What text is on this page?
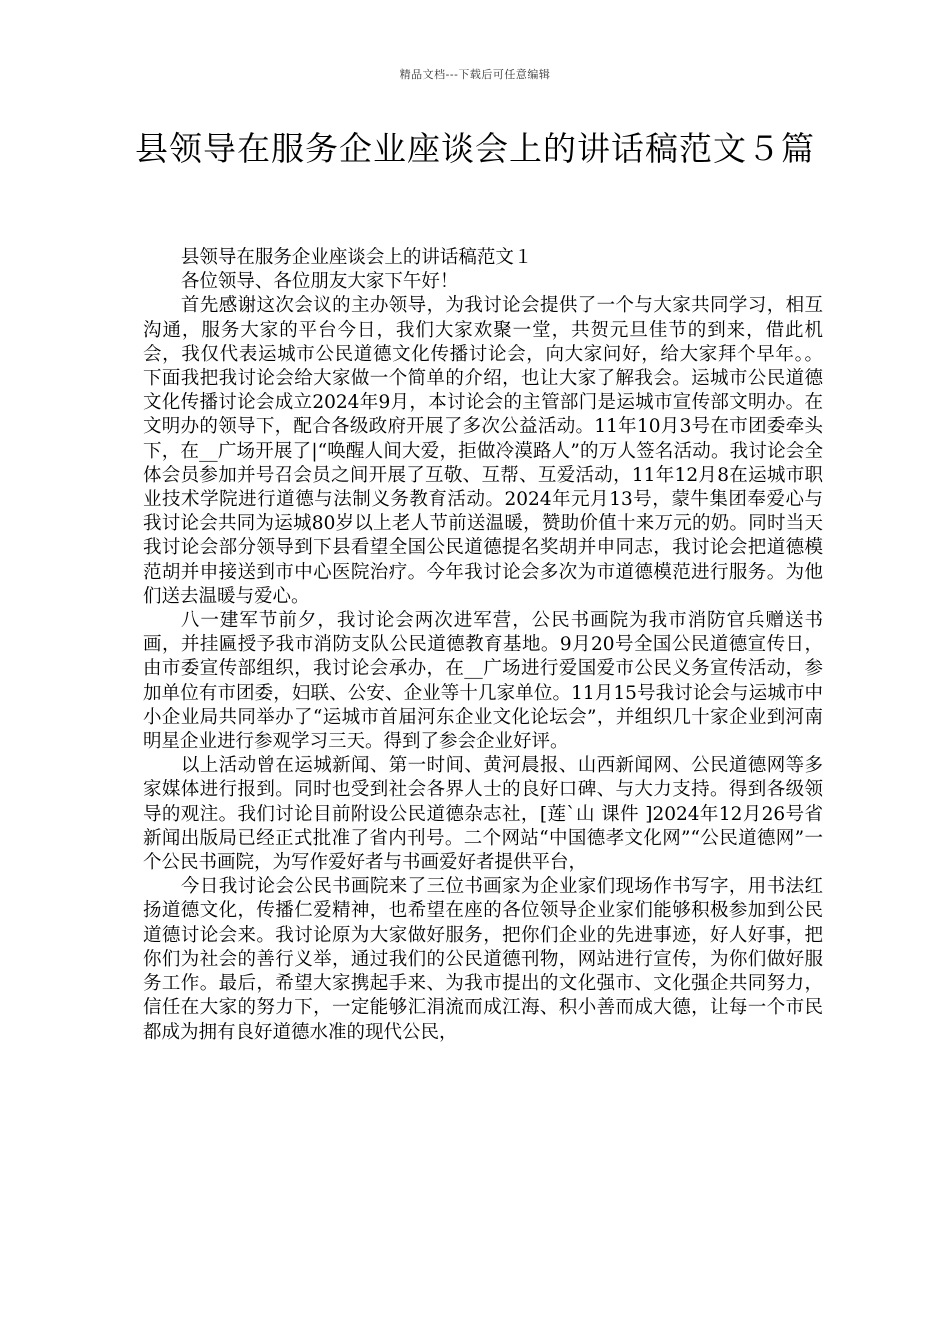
精品文档---下载后可任意编辑
县领导在服务企业座谈会上的讲话稿范文５篇

县领导在服务企业座谈会上的讲话稿范文１

各位领导、各位朋友大家下午好！

首先感谢这次会议的主办领导，为我讨论会提供了一个与大家共同学习，相互沟通，服务大家的平台今日，我们大家欢聚一堂，共贺元旦佳节的到来，借此机会，我仅代表运城市公民道德文化传播讨论会，向大家问好，给大家拜个早年。。 下面我把我讨论会给大家做一个简单的介绍，也让大家了解我会。运城市公民道德文化传播讨论会成立2024年9月，本讨论会的主管部门是运城市宣传部文明办。在文明办的领导下，配合各级政府开展了多次公益活动。11年10月3号在市团委牵头下，在__广场开展了|“唤醒人间大爱，拒做冷漠路人”的万人签名活动。我讨论会全体会员参加并号召会员之间开展了互敬、互帮、互爱活动，11年12月8在运城市职业技术学院进行道德与法制义务教育活动。2024年元月13号，蒙牛集团奉爱心与我讨论会共同为运城80岁以上老人节前送温暖，赞助价值十来万元的奶。同时当天我讨论会部分领导到下县看望全国公民道德提名奖胡并申同志，我讨论会把道德模范胡并申接送到市中心医院治疗。今年我讨论会多次为市道德模范进行服务。为他们送去温暖与爱心。

八一建军节前夕，我讨论会两次进军营，公民书画院为我市消防官兵赠送书画，并挂匾授予我市消防支队公民道德教育基地。9月20号全国公民道德宣传日，由市委宣传部组织，我讨论会承办，在__广场进行爱国爱市公民义务宣传活动，参加单位有市团委，妇联、公安、企业等十几家单位。11月15号我讨论会与运城市中小企业局共同举办了“运城市首届河东企业文化论坛会”，并组织几十家企业到河南明星企业进行参观学习三天。得到了参会企业好评。

以上活动曾在运城新闻、第一时间、黄河晨报、山西新闻网、公民道德网等多家媒体进行报到。同时也受到社会各界人士的良好口碑、与大力支持。得到各级领导的观注。我们讨论目前附设公民道德杂志社，[莲`山 课件 ]2024年12月26号省新闻出版局已经正式批准了省内刊号。二个网站“中国德孝文化网”“公民道德网”一个公民书画院，为写作爱好者与书画爱好者提供平台，

今日我讨论会公民书画院来了三位书画家为企业家们现场作书写字，用书法红扬道德文化，传播仁爱精神，也希望在座的各位领导企业家们能够积极参加到公民道德讨论会来。我讨论原为大家做好服务，把你们企业的先进事迹，好人好事，把你们为社会的善行义举，通过我们的公民道德刊物，网站进行宣传，为你们做好服务工作。最后，希望大家携起手来、为我市提出的文化强市、文化强企共同努力，信任在大家的努力下，一定能够汇涓流而成江海、积小善而成大德，让每一个市民都成为拥有良好道德水准的现代公民，
